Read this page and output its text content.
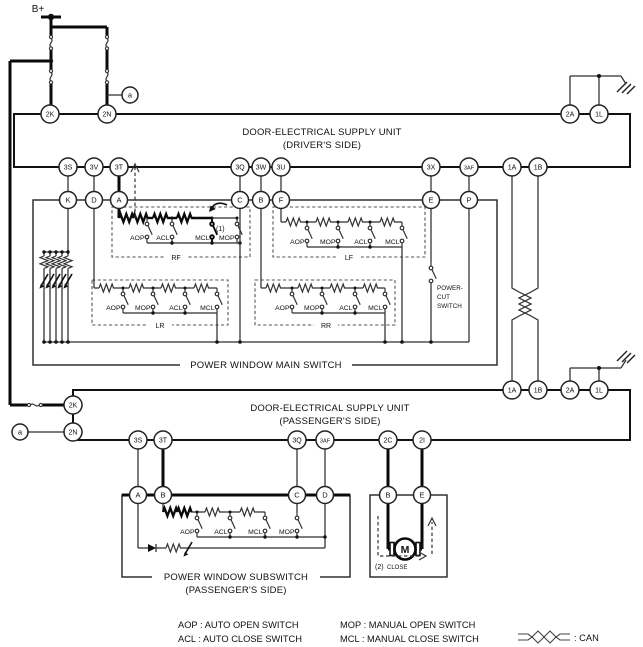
B+
DOOR-ELECTRICAL SUPPLY UNIT
(DRIVER'S SIDE)
AOP ACL	MCL MOP
RF
(1)
AOP MOP	ACL	MCL
LF
AOP MOP	ACL	MCL
LR
AOP MOP	ACL MCL
RR
POWER-
CUT
SWITCH
POWER WINDOW MAIN SWITCH
DOOR-ELECTRICAL SUPPLY UNIT
(PASSENGER'S SIDE)
AOP	ACL	MCL MOP
POWER WINDOW SUBSWITCH
(PASSENGER'S SIDE)
M
(2) CLOSE
2K	2N	2A	1L
a
3S 3V 3T	3Q 3W 3U	3X	3AF	1A 1B
K	D	A	C B F	E	P
2K
2N
a
1A 1B	2A	1L
3S 3T	3Q	3AF	2C	2I
A	B	C	D	B	E
AOP : AUTO OPEN SWITCH	MOP : MANUAL OPEN SWITCH
ACL : AUTO CLOSE SWITCH	MCL : MANUAL CLOSE SWITCH	: CAN
